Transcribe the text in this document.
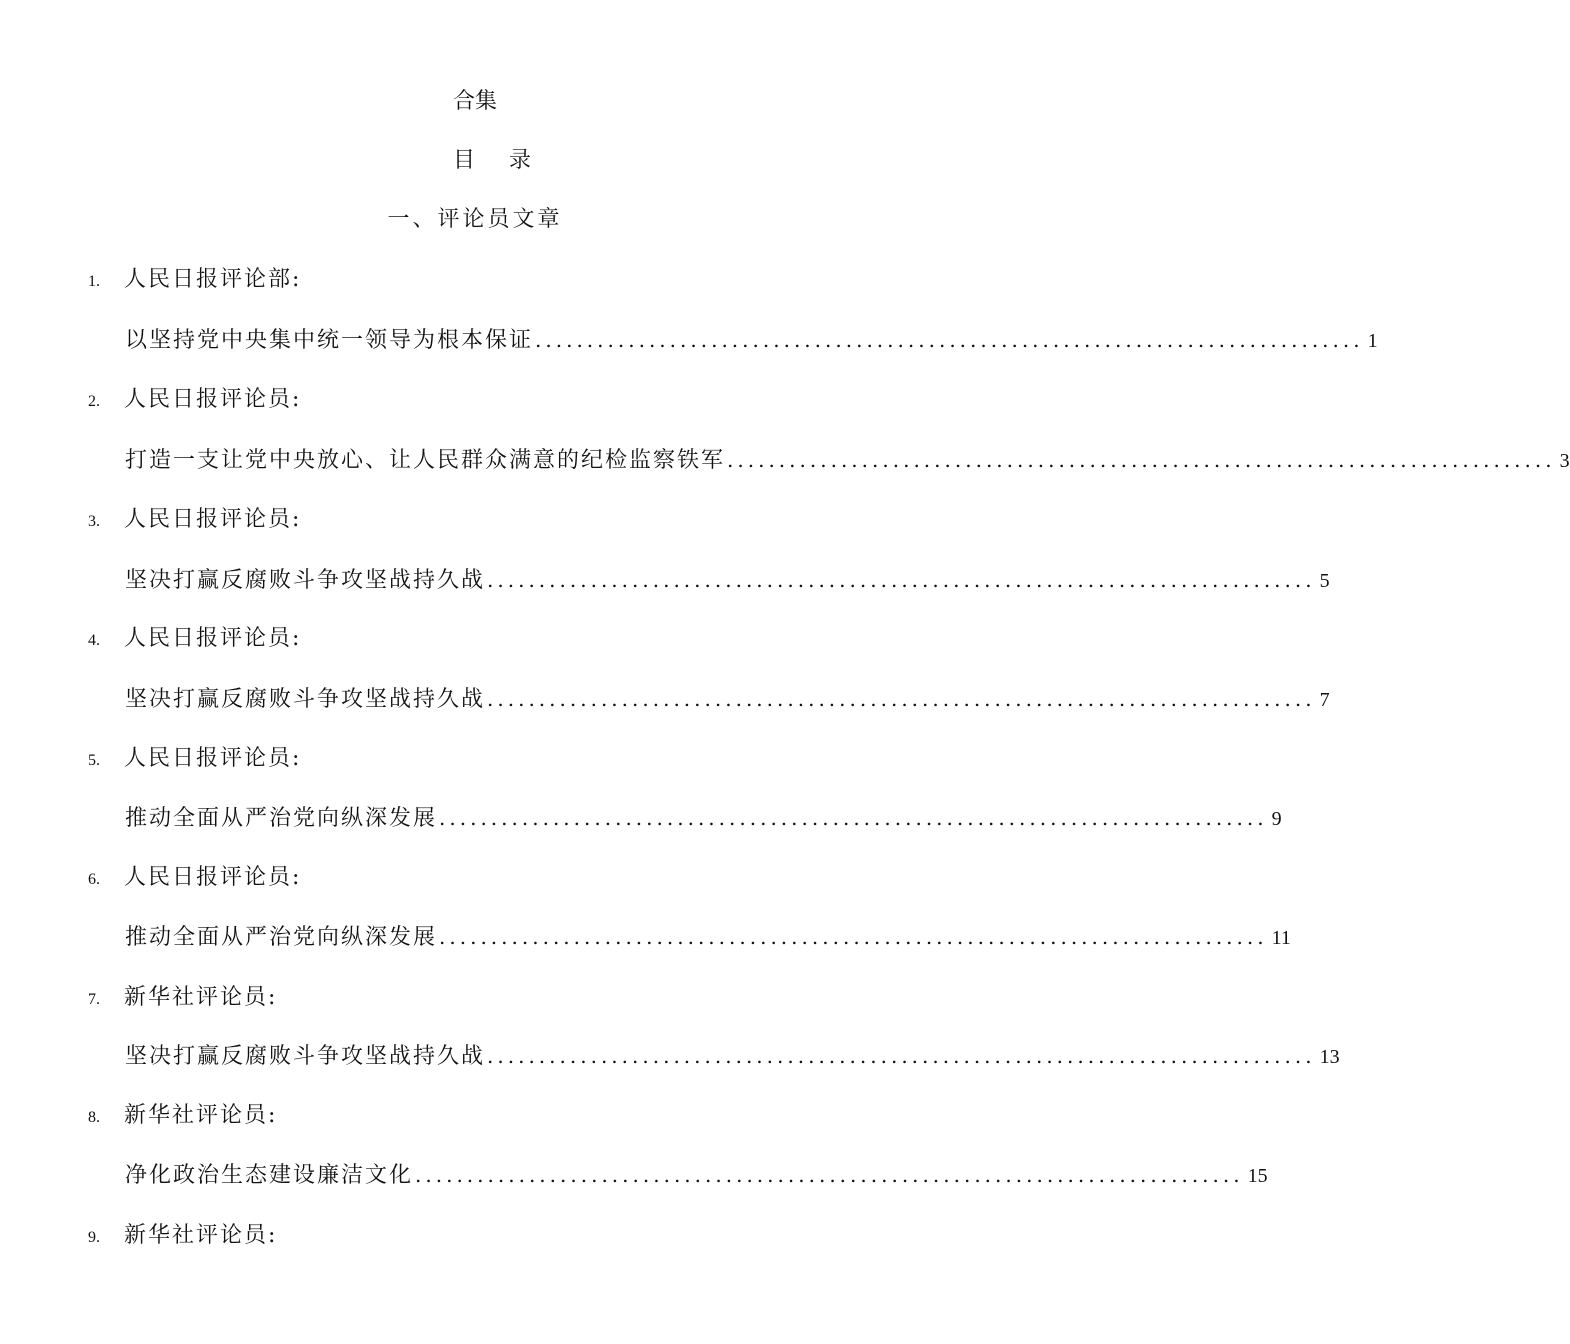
合集
目录
一、评论员文章
1. 人民日报评论部:
以坚持党中央集中统一领导为根本保证 ................................................................................ 1
2. 人民日报评论员:
打造一支让党中央放心、让人民群众满意的纪检监察铁军 ................................................................................ 3
3. 人民日报评论员:
坚决打赢反腐败斗争攻坚战持久战 ................................................................................ 5
4. 人民日报评论员:
坚决打赢反腐败斗争攻坚战持久战 ................................................................................ 7
5. 人民日报评论员:
推动全面从严治党向纵深发展 ................................................................................ 9
6. 人民日报评论员:
推动全面从严治党向纵深发展 ................................................................................ 11
7. 新华社评论员:
坚决打赢反腐败斗争攻坚战持久战 ................................................................................ 13
8. 新华社评论员:
净化政治生态建设廉洁文化 ................................................................................ 15
9. 新华社评论员:
